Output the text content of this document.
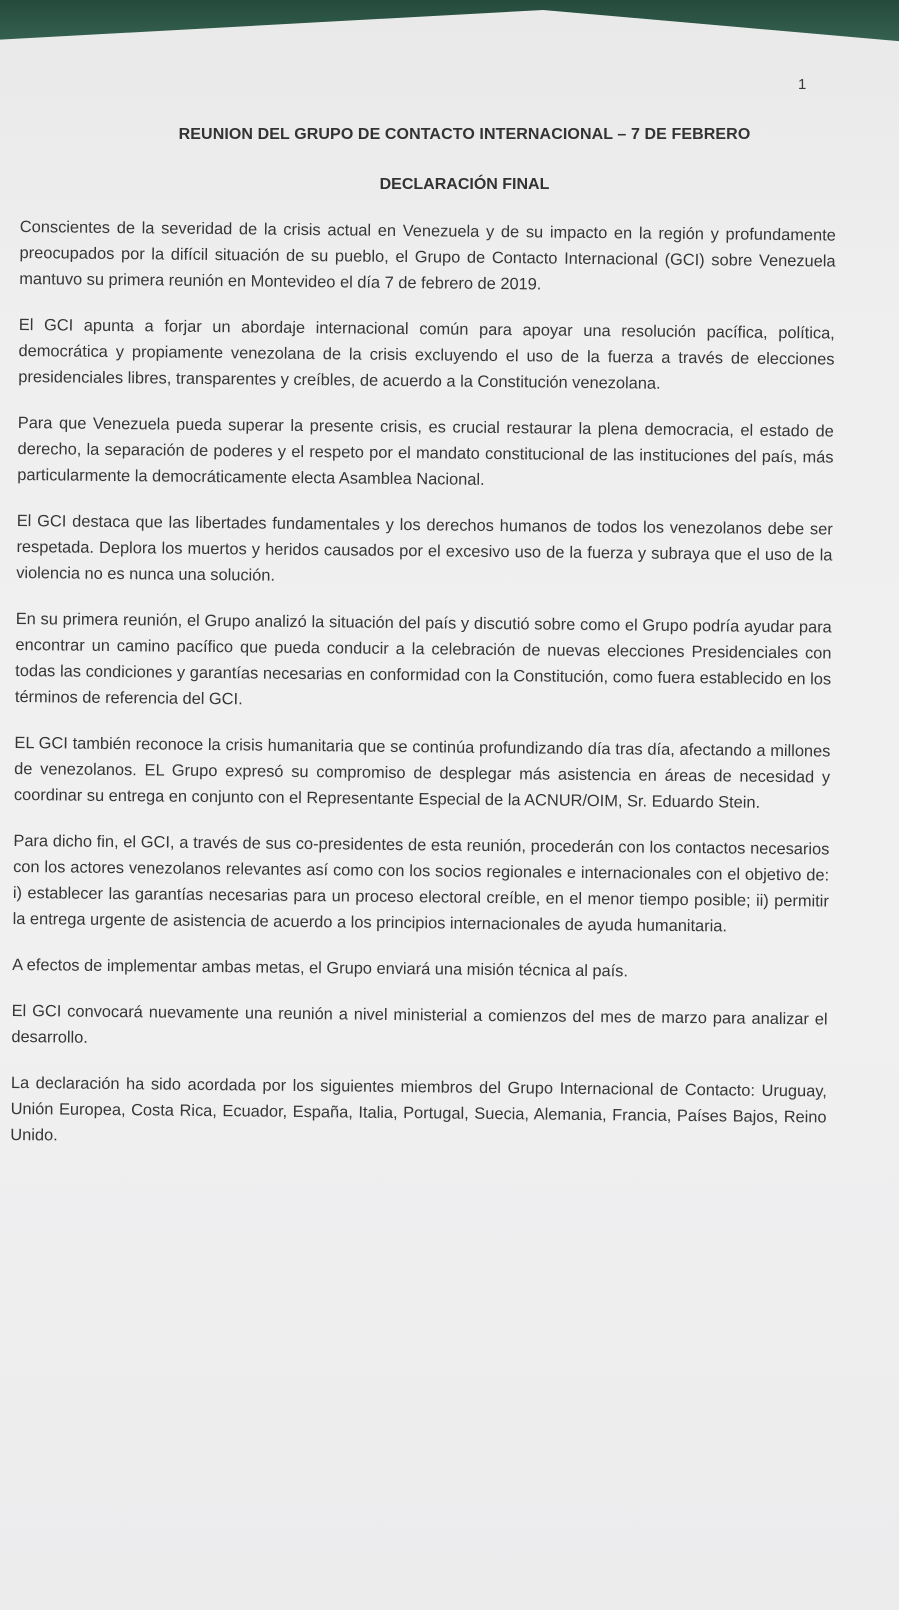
1
REUNION DEL GRUPO DE CONTACTO INTERNACIONAL – 7 DE FEBRERO
DECLARACIÓN FINAL

Conscientes de la severidad de la crisis actual en Venezuela y de su impacto en la región y profundamente preocupados por la difícil situación de su pueblo, el Grupo de Contacto Internacional (GCI) sobre Venezuela mantuvo su primera reunión en Montevideo el día 7 de febrero de 2019.

El GCI apunta a forjar un abordaje internacional común para apoyar una resolución pacífica, política, democrática y propiamente venezolana de la crisis excluyendo el uso de la fuerza a través de elecciones presidenciales libres, transparentes y creíbles, de acuerdo a la Constitución venezolana.

Para que Venezuela pueda superar la presente crisis, es crucial restaurar la plena democracia, el estado de derecho, la separación de poderes y el respeto por el mandato constitucional de las instituciones del país, más particularmente la democráticamente electa Asamblea Nacional.

El GCI destaca que las libertades fundamentales y los derechos humanos de todos los venezolanos debe ser respetada. Deplora los muertos y heridos causados por el excesivo uso de la fuerza y subraya que el uso de la violencia no es nunca una solución.

En su primera reunión, el Grupo analizó la situación del país y discutió sobre como el Grupo podría ayudar para encontrar un camino pacífico que pueda conducir a la celebración de nuevas elecciones Presidenciales con todas las condiciones y garantías necesarias en conformidad con la Constitución, como fuera establecido en los términos de referencia del GCI.

EL GCI también reconoce la crisis humanitaria que se continúa profundizando día tras día, afectando a millones de venezolanos. EL Grupo expresó su compromiso de desplegar más asistencia en áreas de necesidad y coordinar su entrega en conjunto con el Representante Especial de la ACNUR/OIM, Sr. Eduardo Stein.

Para dicho fin, el GCI, a través de sus co-presidentes de esta reunión, procederán con los contactos necesarios con los actores venezolanos relevantes así como con los socios regionales e internacionales con el objetivo de: i) establecer las garantías necesarias para un proceso electoral creíble, en el menor tiempo posible; ii) permitir la entrega urgente de asistencia de acuerdo a los principios internacionales de ayuda humanitaria.

A efectos de implementar ambas metas, el Grupo enviará una misión técnica al país.

El GCI convocará nuevamente una reunión a nivel ministerial a comienzos del mes de marzo para analizar el desarrollo.

La declaración ha sido acordada por los siguientes miembros del Grupo Internacional de Contacto: Uruguay, Unión Europea, Costa Rica, Ecuador, España, Italia, Portugal, Suecia, Alemania, Francia, Países Bajos, Reino Unido.
